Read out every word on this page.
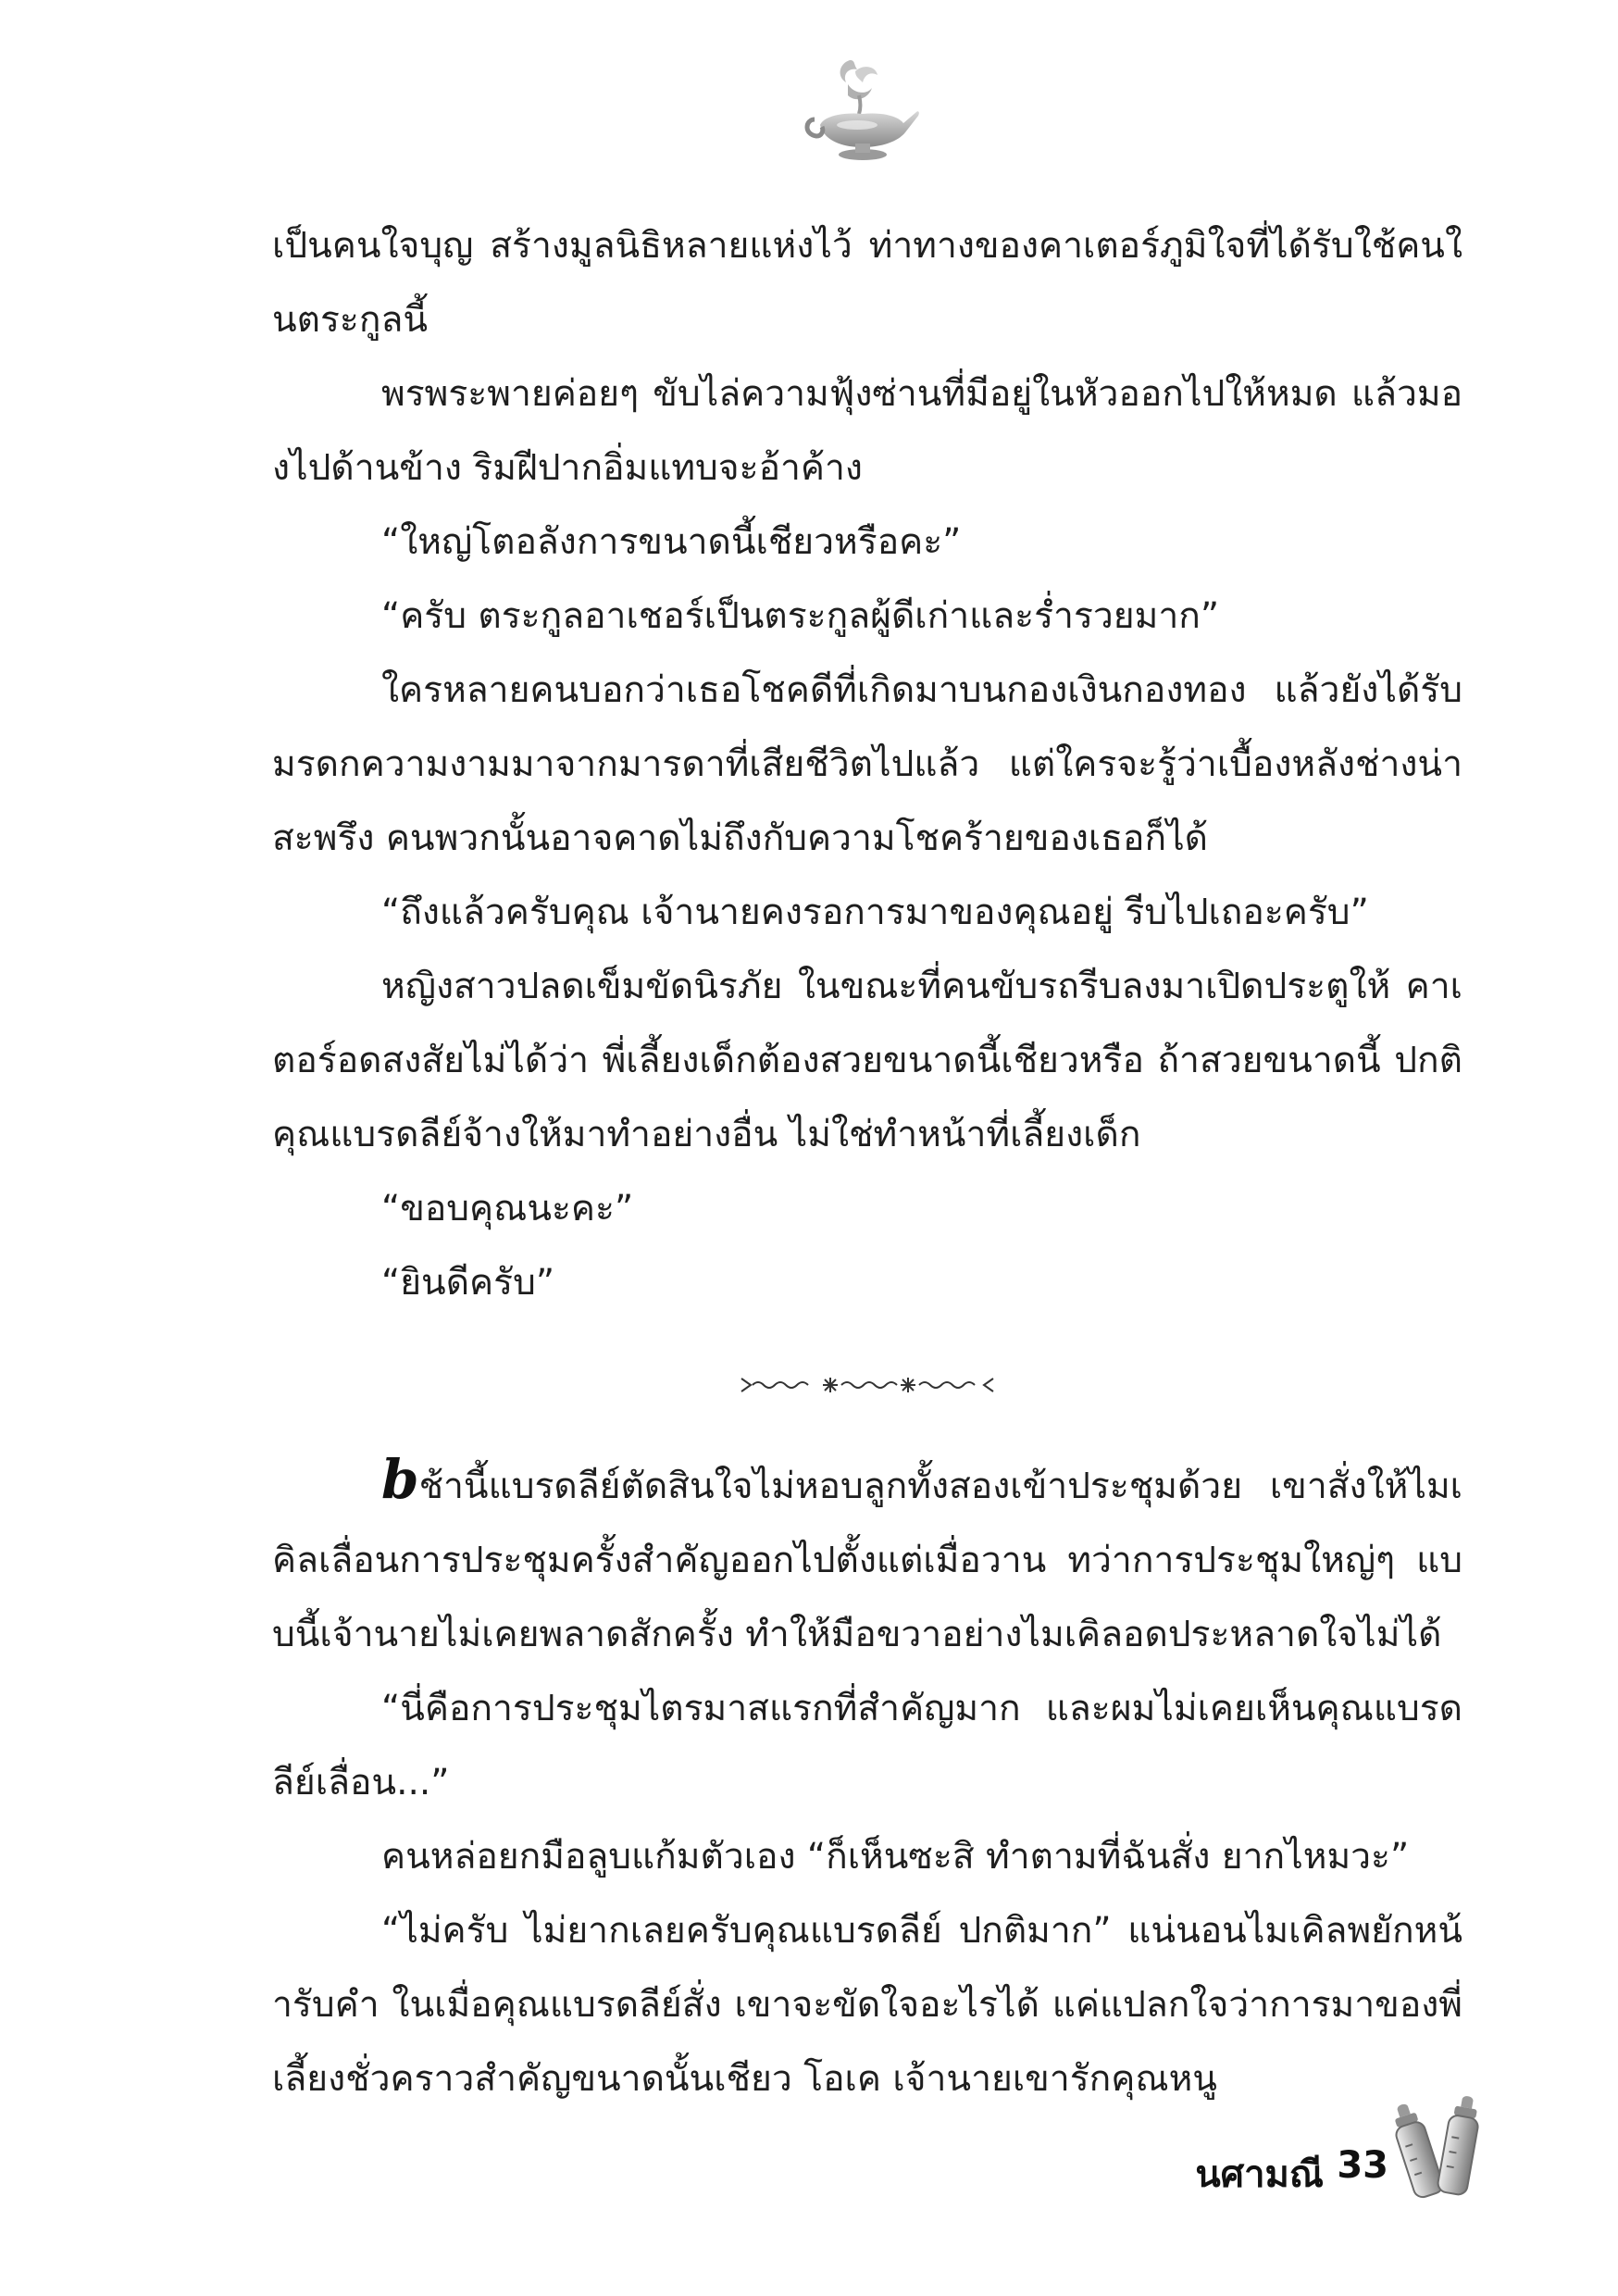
เป็นคนใจบุญ สร้างมูลนิธิหลายแห่งไว้ ท่าทางของคาเตอร์ภูมิใจที่ได้รับใช้คนในตระกูลนี้

พรพระพายค่อยๆ ขับไล่ความฟุ้งซ่านที่มีอยู่ในหัวออกไปให้หมด แล้วมองไปด้านข้าง ริมฝีปากอิ่มแทบจะอ้าค้าง

“ใหญ่โตอลังการขนาดนี้เชียวหรือคะ”

“ครับ ตระกูลอาเชอร์เป็นตระกูลผู้ดีเก่าและร่ำรวยมาก”

ใครหลายคนบอกว่าเธอโชคดีที่เกิดมาบนกองเงินกองทอง แล้วยังได้รับมรดกความงามมาจากมารดาที่เสียชีวิตไปแล้ว แต่ใครจะรู้ว่าเบื้องหลังช่างน่าสะพรึง คนพวกนั้นอาจคาดไม่ถึงกับความโชคร้ายของเธอก็ได้

“ถึงแล้วครับคุณ เจ้านายคงรอการมาของคุณอยู่ รีบไปเถอะครับ”

หญิงสาวปลดเข็มขัดนิรภัย ในขณะที่คนขับรถรีบลงมาเปิดประตูให้ คาเตอร์อดสงสัยไม่ได้ว่า พี่เลี้ยงเด็กต้องสวยขนาดนี้เชียวหรือ ถ้าสวยขนาดนี้ ปกติคุณแบรดลีย์จ้างให้มาทำอย่างอื่น ไม่ใช่ทำหน้าที่เลี้ยงเด็ก

“ขอบคุณนะคะ”

“ยินดีครับ”

bช้านี้แบรดลีย์ตัดสินใจไม่หอบลูกทั้งสองเข้าประชุมด้วย เขาสั่งให้ไมเคิลเลื่อนการประชุมครั้งสำคัญออกไปตั้งแต่เมื่อวาน ทว่าการประชุมใหญ่ๆ แบบนี้เจ้านายไม่เคยพลาดสักครั้ง ทำให้มือขวาอย่างไมเคิลอดประหลาดใจไม่ได้

“นี่คือการประชุมไตรมาสแรกที่สำคัญมาก และผมไม่เคยเห็นคุณแบรดลีย์เลื่อน...”

คนหล่อยกมือลูบแก้มตัวเอง “ก็เห็นซะสิ ทำตามที่ฉันสั่ง ยากไหมวะ”

“ไม่ครับ ไม่ยากเลยครับคุณแบรดลีย์ ปกติมาก” แน่นอนไมเคิลพยักหน้ารับคำ ในเมื่อคุณแบรดลีย์สั่ง เขาจะขัดใจอะไรได้ แค่แปลกใจว่าการมาของพี่เลี้ยงชั่วคราวสำคัญขนาดนั้นเชียว โอเค เจ้านายเขารักคุณหนู

นศามณี 33
